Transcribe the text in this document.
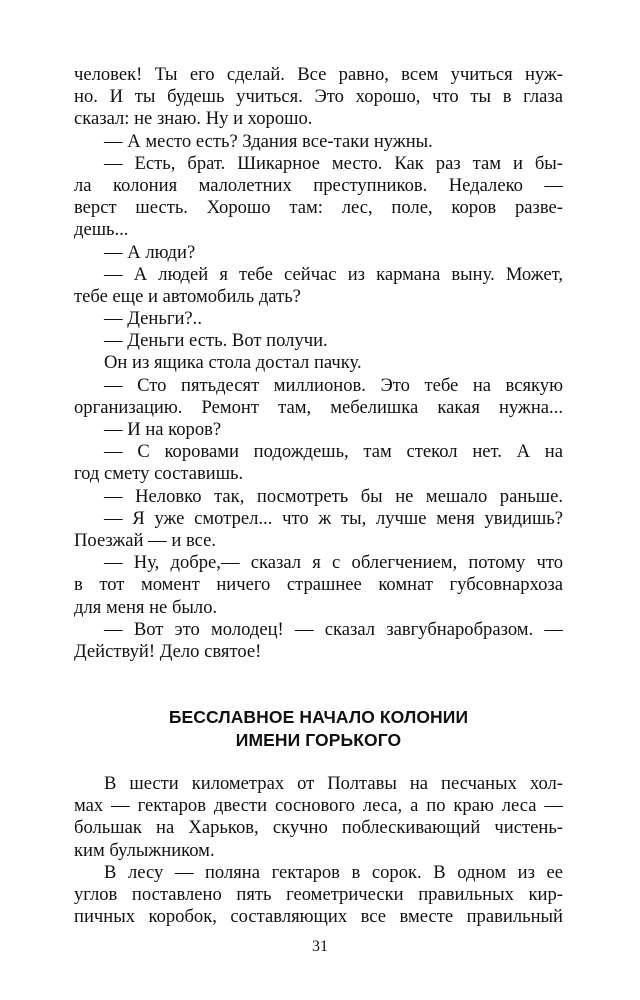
человек! Ты его сделай. Все равно, всем учиться нуж-

но. И ты будешь учиться. Это хорошо, что ты в глаза

сказал: не знаю. Ну и хорошо.

— А место есть? Здания все-таки нужны.

— Есть, брат. Шикарное место. Как раз там и бы-

ла колония малолетних преступников. Недалеко —

верст шесть. Хорошо там: лес, поле, коров разве-

дешь...

— А люди?

— А людей я тебе сейчас из кармана выну. Может,

тебе еще и автомобиль дать?

— Деньги?..

— Деньги есть. Вот получи.

Он из ящика стола достал пачку.

— Сто пятьдесят миллионов. Это тебе на всякую

организацию. Ремонт там, мебелишка какая нужна...

— И на коров?

— С коровами подождешь, там стекол нет. А на

год смету составишь.

— Неловко так, посмотреть бы не мешало раньше.

— Я уже смотрел... что ж ты, лучше меня увидишь?

Поезжай — и все.

— Ну, добре,— сказал я с облегчением, потому что

в тот момент ничего страшнее комнат губсовнархоза

для меня не было.

— Вот это молодец! — сказал завгубнаробразом. —

Действуй! Дело святое!

БЕССЛАВНОЕ НАЧАЛО КОЛОНИИ
ИМЕНИ ГОРЬКОГО

В шести километрах от Полтавы на песчаных хол-

мах — гектаров двести соснового леса, а по краю леса —

большак на Харьков, скучно поблескивающий чистень-

ким булыжником.

В лесу — поляна гектаров в сорок. В одном из ее

углов поставлено пять геометрически правильных кир-

пичных коробок, составляющих все вместе правильный

31
